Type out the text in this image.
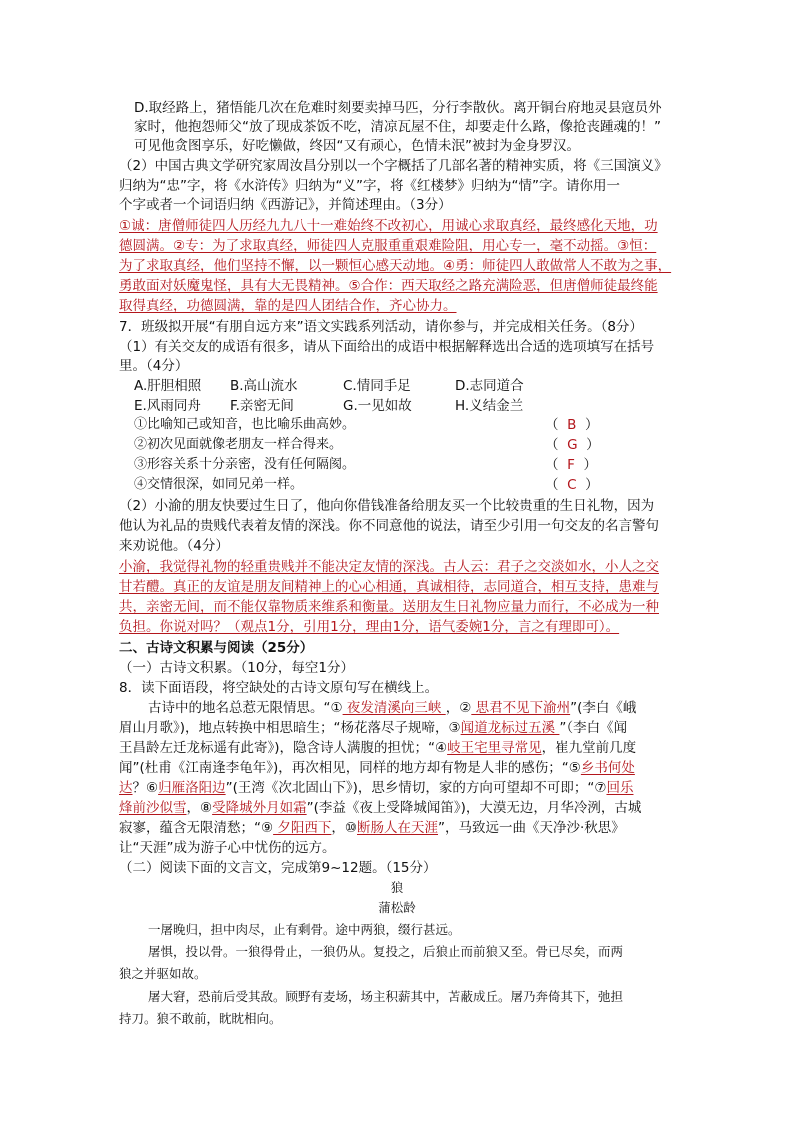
D.取经路上，猪悟能几次在危难时刻要卖掉马匹，分行李散伙。离开铜台府地灵县寇员外
家时，他抱怨师父“放了现成茶饭不吃，清凉瓦屋不住，却要走什么路，像抢丧踵魂的！”
可见他贪图享乐，好吃懒做，终因“又有顽心，色情未泯”被封为金身罗汉。
（2）中国古典文学研究家周汝昌分别以一个字概括了几部名著的精神实质，将《三国演义》
归纳为“忠”字，将《水浒传》归纳为“义”字，将《红楼梦》归纳为“情”字。请你用一
个字或者一个词语归纳《西游记》，并简述理由。（3分）
①诚：唐僧师徒四人历经九九八十一难始终不改初心，用诚心求取真经，最终感化天地，功
德圆满。②专：为了求取真经，师徒四人克服重重艰难险阻，用心专一，毫不动摇。③恒：
为了求取真经，他们坚持不懈，以一颗恒心感天动地。④勇：师徒四人敢做常人不敢为之事，
勇敢面对妖魔鬼怪，具有大无畏精神。⑤合作：西天取经之路充满险恶，但唐僧师徒最终能
取得真经，功德圆满，靠的是四人团结合作，齐心协力。
7．班级拟开展“有朋自远方来”语文实践系列活动，请你参与，并完成相关任务。（8分）
（1）有关交友的成语有很多，请从下面给出的成语中根据解释选出合适的选项填写在括号
里。（4分）
A.肝胆相照 B.高山流水	C.情同手足	D.志同道合
E.风雨同舟 F.亲密无间	G.一见如故	H.义结金兰
①比喻知己或知音，也比喻乐曲高妙。	（  B  ）
②初次见面就像老朋友一样合得来。	（  G  ）
③形容关系十分亲密，没有任何隔阂。	（  F  ）
④交情很深，如同兄弟一样。	（  C  ）
（2）小渝的朋友快要过生日了，他向你借钱准备给朋友买一个比较贵重的生日礼物，因为
他认为礼品的贵贱代表着友情的深浅。你不同意他的说法，请至少引用一句交友的名言警句
来劝说他。（4分）
小渝，我觉得礼物的轻重贵贱并不能决定友情的深浅。古人云：君子之交淡如水，小人之交
甘若醴。真正的友谊是朋友间精神上的心心相通，真诚相待，志同道合，相互支持，患难与
共，亲密无间，而不能仅靠物质来维系和衡量。送朋友生日礼物应量力而行，不必成为一种
负担。你说对吗？（观点1分，引用1分，理由1分，语气委婉1分，言之有理即可）。
二、古诗文积累与阅读（25分）
（一）古诗文积累。（10分，每空1分）
8．读下面语段，将空缺处的古诗文原句写在横线上。
古诗中的地名总惹无限情思。“① 夜发清溪向三峡 ，② 思君不见下渝州”(李白《峨
眉山月歌》)，地点转换中相思暗生；“杨花落尽子规啼，③闻道龙标过五溪 ”（李白《闻
王昌龄左迁龙标遥有此寄》)，隐含诗人满腹的担忧；“④岐王宅里寻常见，崔九堂前几度
闻”(杜甫《江南逢李龟年》)，再次相见，同样的地方却有物是人非的感伤；“⑤乡书何处
达？⑥归雁洛阳边”(王湾《次北固山下》)，思乡情切，家的方向可望却不可即；“⑦回乐
烽前沙似雪，⑧受降城外月如霜”(李益《夜上受降城闻笛》)，大漠无边，月华冷洌，古城
寂寥，蕴含无限清愁；“⑨ 夕阳西下，⑩断肠人在天涯”，马致远一曲《天净沙·秋思》
让“天涯”成为游子心中忧伤的远方。
（二）阅读下面的文言文，完成第9~12题。（15分）
狼
蒲松龄
一屠晚归，担中肉尽，止有剩骨。途中两狼，缀行甚远。
屠惧，投以骨。一狼得骨止，一狼仍从。复投之，后狼止而前狼又至。骨已尽矣，而两
狼之并驱如故。
屠大窘，恐前后受其敌。顾野有麦场，场主积薪其中，苫蔽成丘。屠乃奔倚其下，弛担
持刀。狼不敢前，眈眈相向。
